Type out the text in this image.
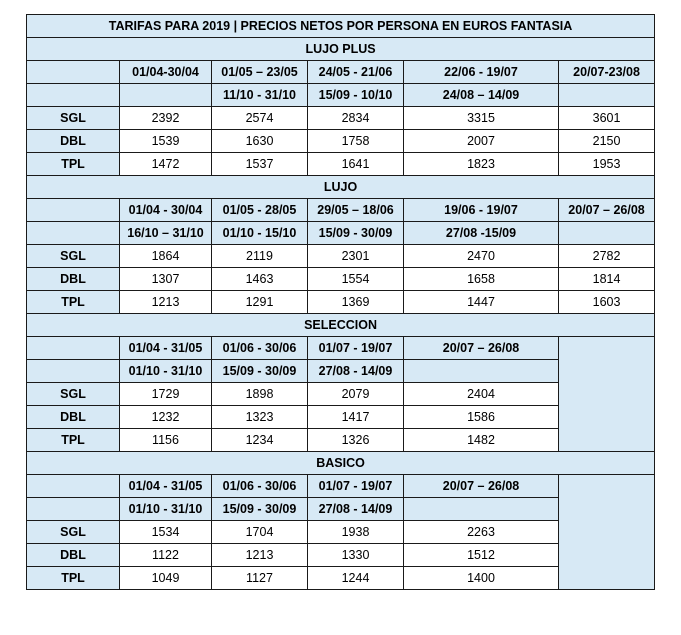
TARIFAS PARA 2019 | PRECIOS NETOS POR PERSONA EN EUROS FANTASIA					
LUJO PLUS					
	01/04-30/04	01/05 – 23/05	24/05 - 21/06	22/06 - 19/07	20/07-23/08
		11/10 - 31/10	15/09 - 10/10	24/08 – 14/09	
SGL	2392	2574	2834	3315	3601
DBL	1539	1630	1758	2007	2150
TPL	1472	1537	1641	1823	1953
LUJO					
	01/04 - 30/04	01/05 - 28/05	29/05 – 18/06	19/06 - 19/07	20/07 – 26/08
	16/10 – 31/10	01/10 - 15/10	15/09 - 30/09	27/08 -15/09	
SGL	1864	2119	2301	2470	2782
DBL	1307	1463	1554	1658	1814
TPL	1213	1291	1369	1447	1603
SELECCION					
	01/04 - 31/05	01/06 - 30/06	01/07 - 19/07	20/07 – 26/08	
	01/10 - 31/10	15/09 - 30/09	27/08 - 14/09		
SGL	1729	1898	2079	2404	
DBL	1232	1323	1417	1586	
TPL	1156	1234	1326	1482	
BASICO					
	01/04 - 31/05	01/06 - 30/06	01/07 - 19/07	20/07 – 26/08	
	01/10 - 31/10	15/09 - 30/09	27/08 - 14/09		
SGL	1534	1704	1938	2263	
DBL	1122	1213	1330	1512	
TPL	1049	1127	1244	1400	
